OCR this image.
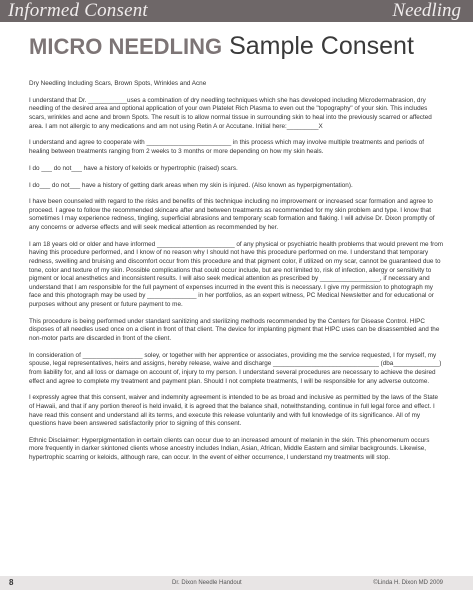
Informed Consent	Needling
MICRO NEEDLING Sample Consent

Dry Needling Including Scars, Brown Spots, Wrinkles and Acne

I understand that Dr. ___________uses a combination of dry needling techniques which she has developed including Microdermabrasion, dry needling of the desired area and optional application of your own Platelet Rich Plasma to even out the "topography" of your skin. This includes scars, wrinkles and acne and brown Spots. The result is to allow normal tissue in surrounding skin to heal into the previously scarred or affected area. I am not allergic to any medications and am not using Retin A or Accutane. Initial here:_________X

I understand and agree to cooperate with ________________________ in this process which may involve multiple treatments and periods of healing between treatments ranging from 2 weeks to 3 months or more depending on how my skin heals.

I do ___ do not___ have a history of keloids or hypertrophic (raised) scars.

I do___ do not___ have a history of getting dark areas when my skin is injured. (Also known as hyperpigmentation).

I have been counseled with regard to the risks and benefits of this technique including no improvement or increased scar formation and agree to proceed. I agree to follow the recommended skincare after and between treatments as recommended for my skin problem and type. I know that sometimes I may experience redness, tingling, superficial abrasions and temporary scab formation and flaking. I will advise Dr. Dixon promptly of any concerns or adverse effects and will seek medical attention as recommended by her.

I am 18 years old or older and have informed ______________________ of any physical or psychiatric health problems that would prevent me from having this procedure performed, and I know of no reason why I should not have this procedure performed on me. I understand that temporary redness, swelling and bruising and discomfort occur from this procedure and that pigment color, if utilized on my scar, cannot be guaranteed due to tone, color and texture of my skin. Possible complications that could occur include, but are not limited to, risk of infection, allergy or sensitivity to pigment or local anesthetics and inconsistent results. I will also seek medical attention as prescribed by _________________, if necessary and understand that I am responsible for the full payment of expenses incurred in the event this is necessary. I give my permission to photograph my face and this photograph may be used by ______________ in her portfolios, as an expert witness, PC Medical Newsletter and for educational or purposes without any present or future payment to me.

This procedure is being performed under standard sanitizing and sterilizing methods recommended by the Centers for Disease Control. HIPC disposes of all needles used once on a client in front of that client. The device for implanting pigment that HIPC uses can be disassembled and the non-motor parts are discarded in front of the client.

In consideration of _________________ soley, or together with her apprentice or associates, providing me the service requested, I for myself, my spouse, legal representatives, heirs and assigns, hereby release, waive and discharge ______________________________ (dba_____________) from liability for, and all loss or damage on account of, injury to my person. I understand several procedures are necessary to achieve the desired effect and agree to complete my treatment and payment plan. Should I not complete treatments, I will be responsible for any adverse outcome.

I expressly agree that this consent, waiver and indemnity agreement is intended to be as broad and inclusive as permitted by the laws of the State of Hawaii, and that if any portion thereof is held invalid, it is agreed that the balance shall, notwithstanding, continue in full legal force and effect. I have read this consent and understand all its terms, and execute this release voluntarily and with full knowledge of its significance. All of my questions have been answered satisfactorily prior to signing of this consent.

Ethnic Disclaimer: Hyperpigmentation in certain clients can occur due to an increased amount of melanin in the skin. This phenomenum occurs more frequently in darker skintoned clients whose ancestry includes Indian, Asian, African, Middle Eastern and similar backgrounds. Likewise, hypertrophic scarring or keloids, although rare, can occur. In the event of either occurrence, I understand my treatments will stop.

8	Dr. Dixon Needle Handout	©Linda H. Dixon MD 2009
